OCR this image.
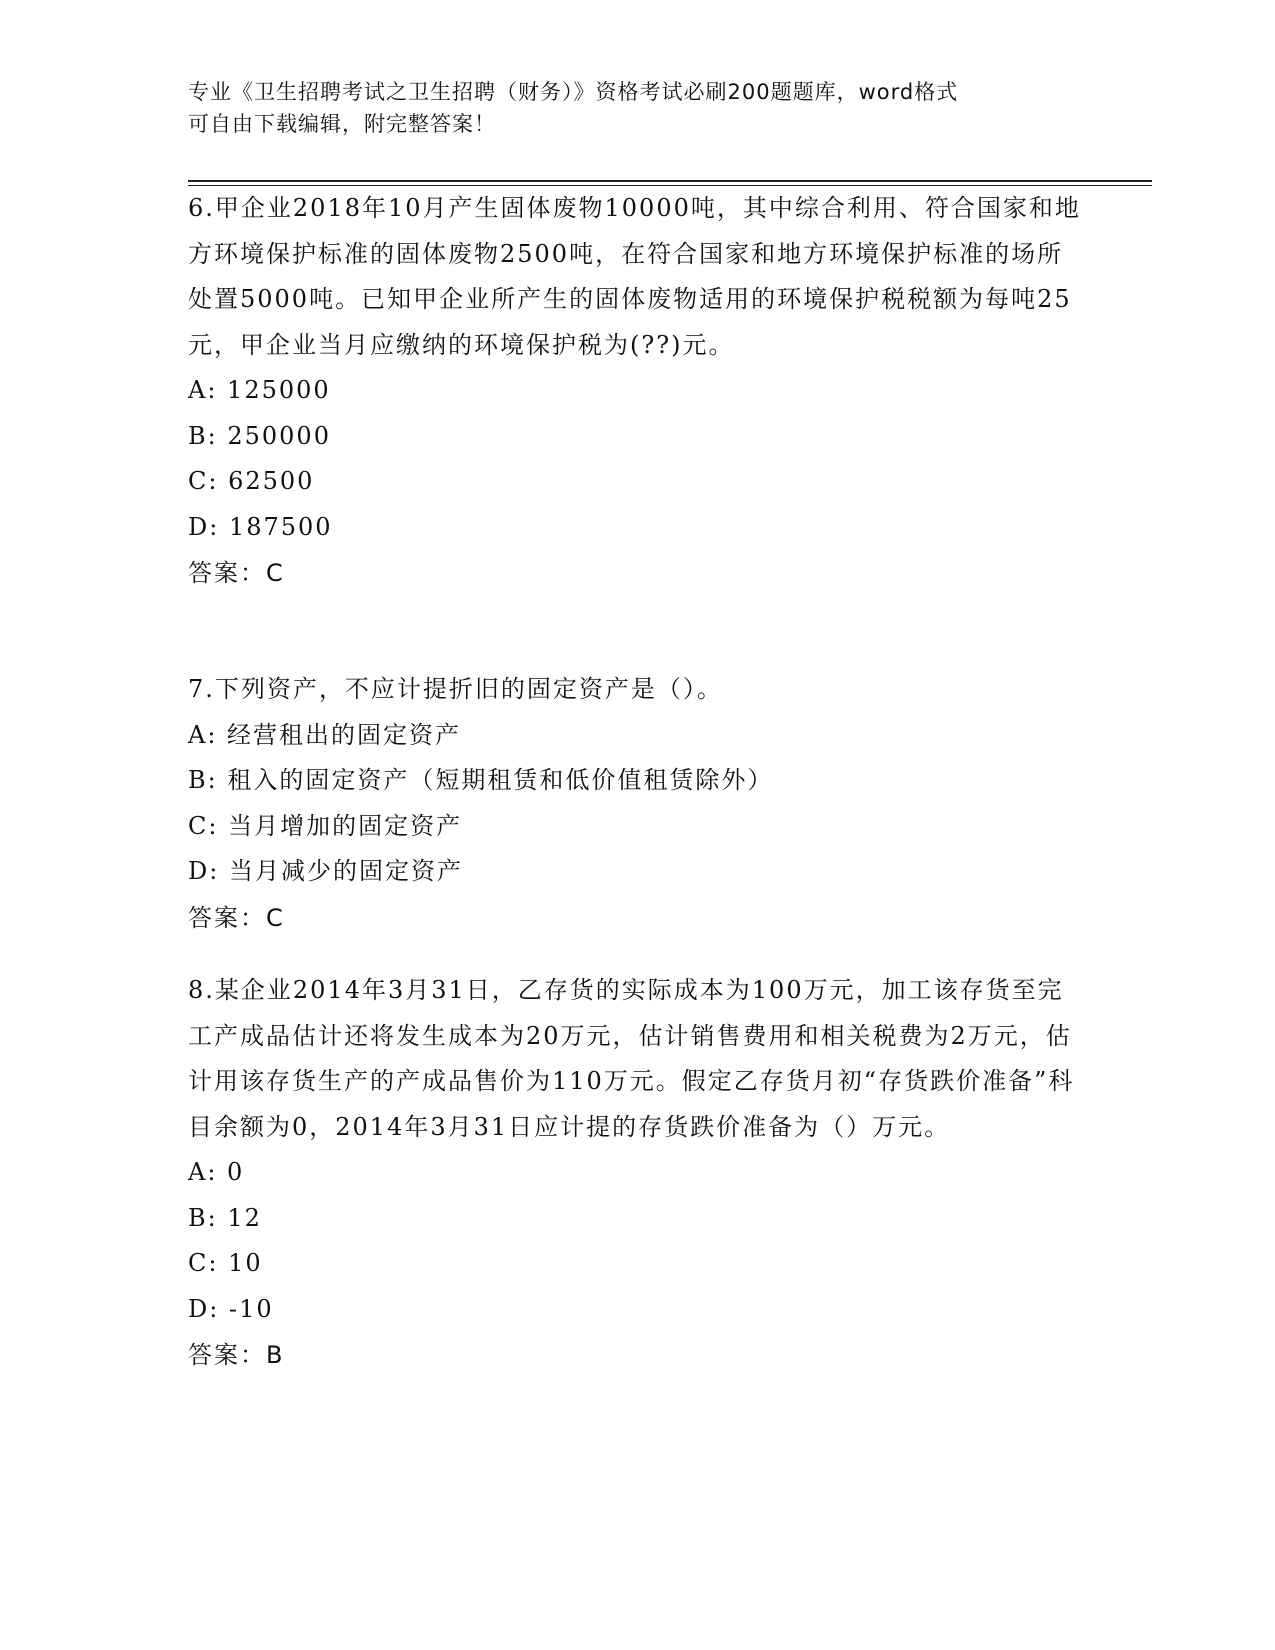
专业《卫生招聘考试之卫生招聘（财务）》资格考试必刷200题题库，word格式
可自由下载编辑，附完整答案！
6.甲企业2018年10月产生固体废物10000吨，其中综合利用、符合国家和地方环境保护标准的固体废物2500吨，在符合国家和地方环境保护标准的场所处置5000吨。已知甲企业所产生的固体废物适用的环境保护税税额为每吨25元，甲企业当月应缴纳的环境保护税为(??)元。
A: 125000
B: 250000
C: 62500
D: 187500
答案：C
7.下列资产，不应计提折旧的固定资产是（）。
A: 经营租出的固定资产
B: 租入的固定资产（短期租赁和低价值租赁除外）
C: 当月增加的固定资产
D: 当月减少的固定资产
答案：C
8.某企业2014年3月31日，乙存货的实际成本为100万元，加工该存货至完工产成品估计还将发生成本为20万元，估计销售费用和相关税费为2万元，估计用该存货生产的产成品售价为110万元。假定乙存货月初“存货跌价准备”科目余额为0，2014年3月31日应计提的存货跌价准备为（）万元。
A: 0
B: 12
C: 10
D: -10
答案：B
